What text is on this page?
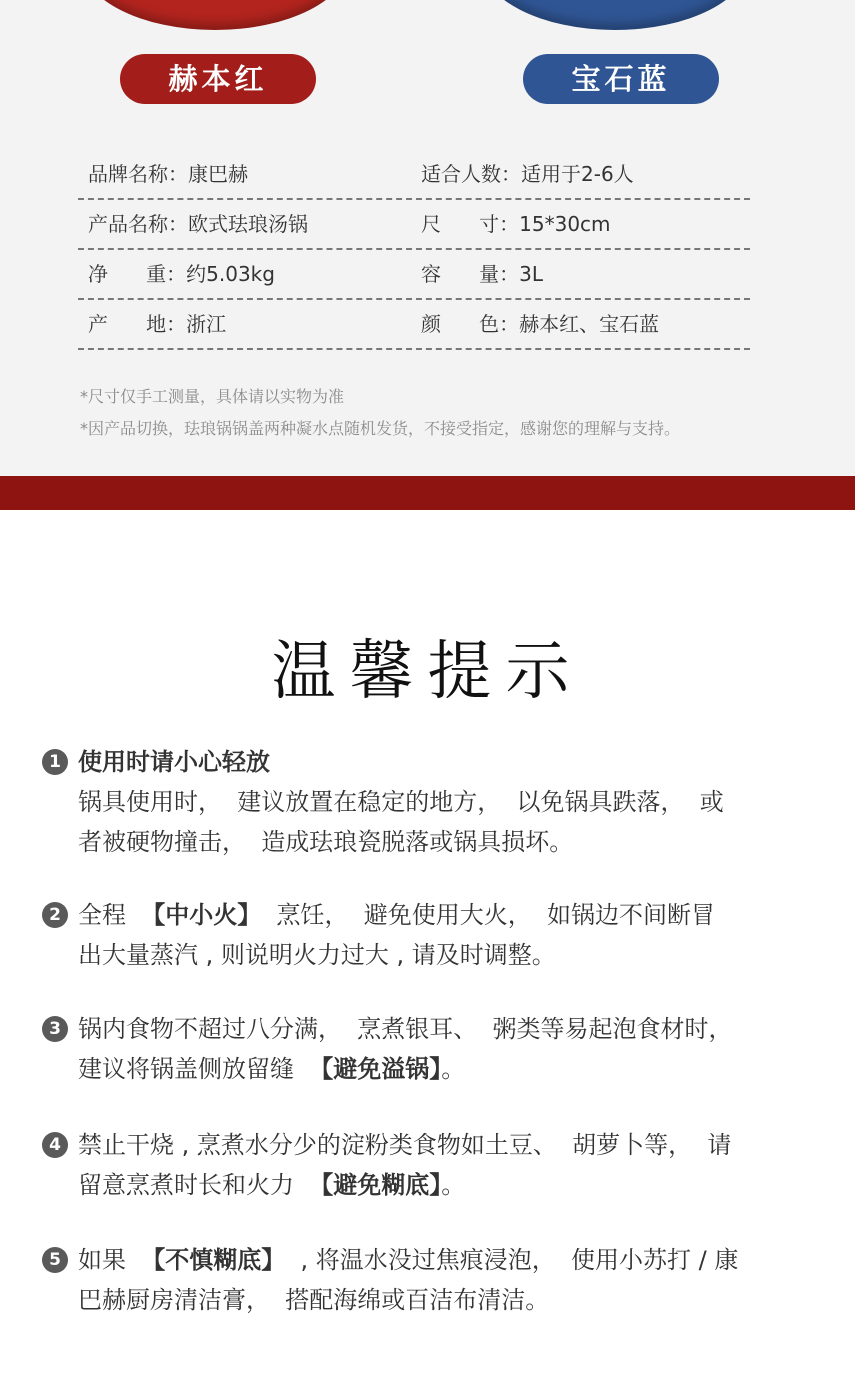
赫本红	宝石蓝
品牌名称：康巴赫	适合人数：适用于2-6人
产品名称：欧式珐琅汤锅	尺      寸：15*30cm
净      重：约5.03kg	容      量：3L
产      地：浙江	颜      色：赫本红、宝石蓝
*尺寸仅手工测量，具体请以实物为准
*因产品切换，珐琅锅锅盖两种凝水点随机发货，不接受指定，感谢您的理解与支持。
温馨提示
1 使用时请小心轻放
锅具使用时，  建议放置在稳定的地方，  以免锅具跌落，  或
者被硬物撞击，  造成珐琅瓷脱落或锅具损坏。
2 全程  【中小火】  烹饪，  避免使用大火，  如锅边不间断冒
出大量蒸汽 , 则说明火力过大 , 请及时调整。
3 锅内食物不超过八分满，  烹煮银耳、  粥类等易起泡食材时，
建议将锅盖侧放留缝  【避免溢锅】。
4 禁止干烧 , 烹煮水分少的淀粉类食物如土豆、  胡萝卜等，  请
留意烹煮时长和火力  【避免糊底】。
5 如果  【不慎糊底】  , 将温水没过焦痕浸泡，  使用小苏打 / 康
巴赫厨房清洁膏，  搭配海绵或百洁布清洁。
